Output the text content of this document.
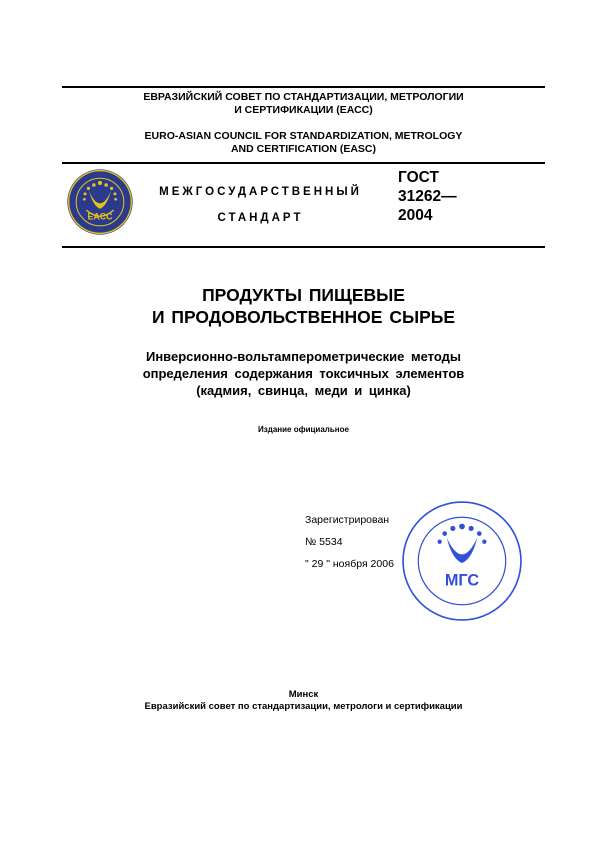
ЕВРАЗИЙСКИЙ СОВЕТ ПО СТАНДАРТИЗАЦИИ, МЕТРОЛОГИИ
И СЕРТИФИКАЦИИ (ЕАСС)
EURO-ASIAN COUNCIL FOR STANDARDIZATION, METROLOGY
AND CERTIFICATION (EASC)
EACC
МЕЖГОСУДАРСТВЕННЫЙ
СТАНДАРТ
ГОСТ
31262—
2004
ПРОДУКТЫ ПИЩЕВЫЕ
И ПРОДОВОЛЬСТВЕННОЕ СЫРЬЕ
Инверсионно-вольтамперометрические методы
определения содержания токсичных элементов
(кадмия, свинца, меди и цинка)
Издание официальное
МГС
Зарегистрирован
№ 5534
" 29 " ноября 2006
Минск
Евразийский совет по стандартизации, метрологи и сертификации
